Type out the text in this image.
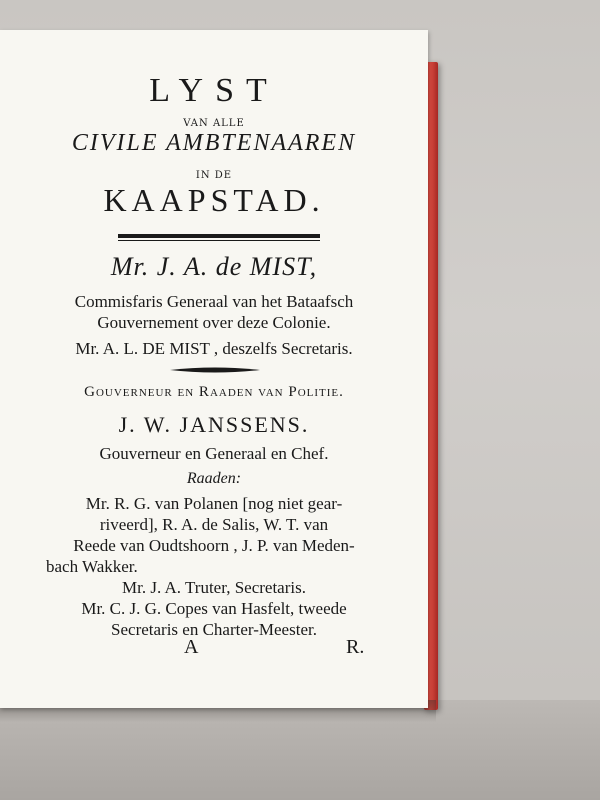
LYST
VAN ALLE
CIVILE AMBTENAAREN
IN DE
KAAPSTAD.
Mr. J. A. de MIST,
Commisfaris Generaal van het Bataafsch
Gouvernement over deze Colonie.
Mr. A. L. DE MIST , deszelfs Secretaris.
Gouverneur en Raaden van Politie.
J. W. JANSSENS.
Gouverneur en Generaal en Chef.
Raaden:
Mr. R. G. van Polanen [nog niet gear-
riveerd], R. A. de Salis, W. T. van
Reede van Oudtshoorn , J. P. van Meden-
bach Wakker.
Mr. J. A. Truter, Secretaris.
Mr. C. J. G. Copes van Hasfelt, tweede
Secretaris en Charter-Meester.
A	R.
